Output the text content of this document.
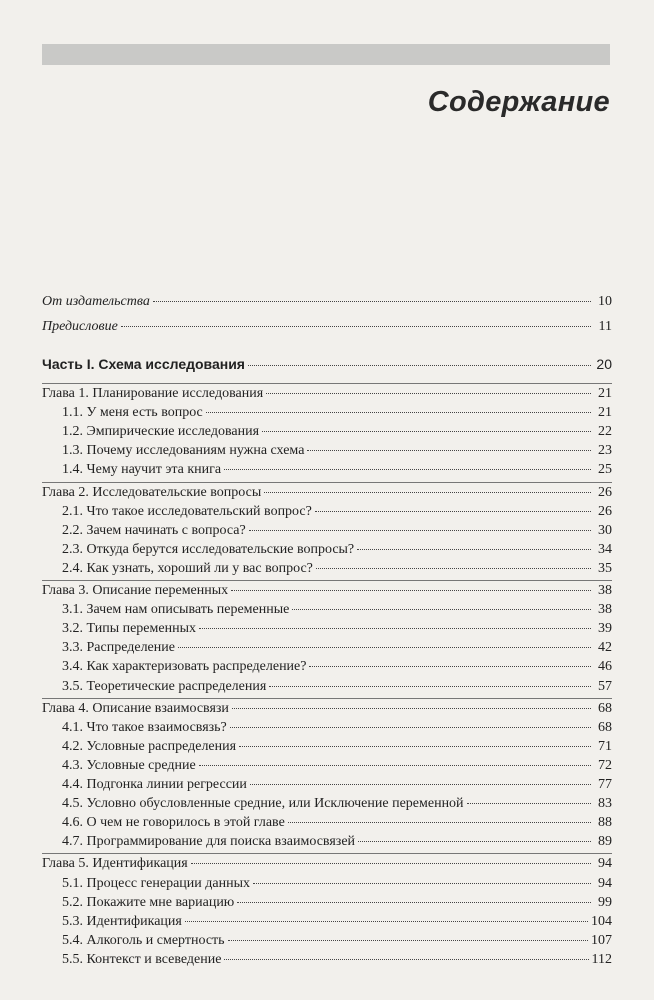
Содержание
От издательства	10
Предисловие	11
Часть I. Схема исследования	20
Глава 1. Планирование исследования	21
1.1. У меня есть вопрос	21
1.2. Эмпирические исследования	22
1.3. Почему исследованиям нужна схема	23
1.4. Чему научит эта книга	25
Глава 2. Исследовательские вопросы	26
2.1. Что такое исследовательский вопрос?	26
2.2. Зачем начинать с вопроса?	30
2.3. Откуда берутся исследовательские вопросы?	34
2.4. Как узнать, хороший ли у вас вопрос?	35
Глава 3. Описание переменных	38
3.1. Зачем нам описывать переменные	38
3.2. Типы переменных	39
3.3. Распределение	42
3.4. Как характеризовать распределение?	46
3.5. Теоретические распределения	57
Глава 4. Описание взаимосвязи	68
4.1. Что такое взаимосвязь?	68
4.2. Условные распределения	71
4.3. Условные средние	72
4.4. Подгонка линии регрессии	77
4.5. Условно обусловленные средние, или Исключение переменной	83
4.6. О чем не говорилось в этой главе	88
4.7. Программирование для поиска взаимосвязей	89
Глава 5. Идентификация	94
5.1. Процесс генерации данных	94
5.2. Покажите мне вариацию	99
5.3. Идентификация	104
5.4. Алкоголь и смертность	107
5.5. Контекст и всеведение	112
